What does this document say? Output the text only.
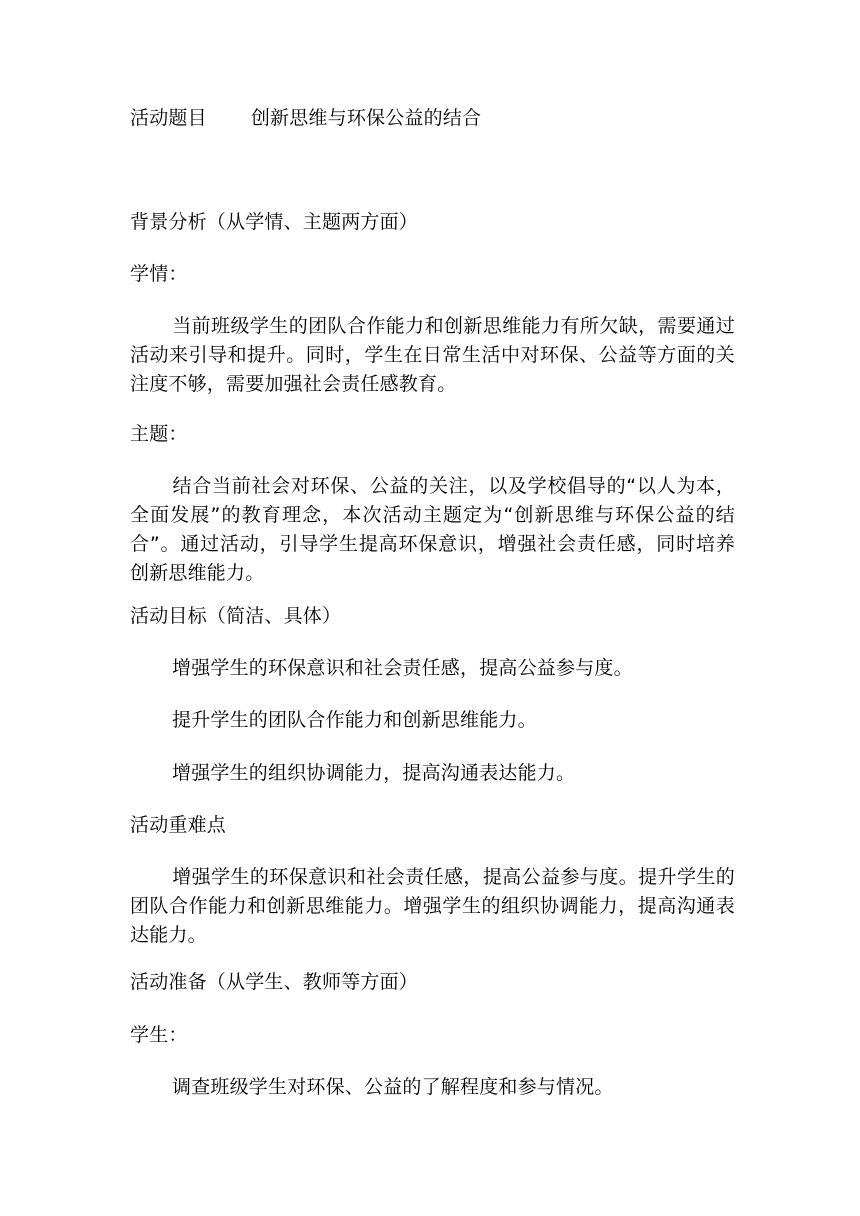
活动题目 创新思维与环保公益的结合
背景分析（从学情、主题两方面）
学情：
当前班级学生的团队合作能力和创新思维能力有所欠缺，需要通过活动来引导和提升。同时，学生在日常生活中对环保、公益等方面的关注度不够，需要加强社会责任感教育。
主题：
结合当前社会对环保、公益的关注，以及学校倡导的“以人为本，全面发展”的教育理念，本次活动主题定为“创新思维与环保公益的结合”。通过活动，引导学生提高环保意识，增强社会责任感，同时培养创新思维能力。
活动目标（简洁、具体）
增强学生的环保意识和社会责任感，提高公益参与度。
提升学生的团队合作能力和创新思维能力。
增强学生的组织协调能力，提高沟通表达能力。
活动重难点
增强学生的环保意识和社会责任感，提高公益参与度。提升学生的团队合作能力和创新思维能力。增强学生的组织协调能力，提高沟通表达能力。
活动准备（从学生、教师等方面）
学生：
调查班级学生对环保、公益的了解程度和参与情况。
